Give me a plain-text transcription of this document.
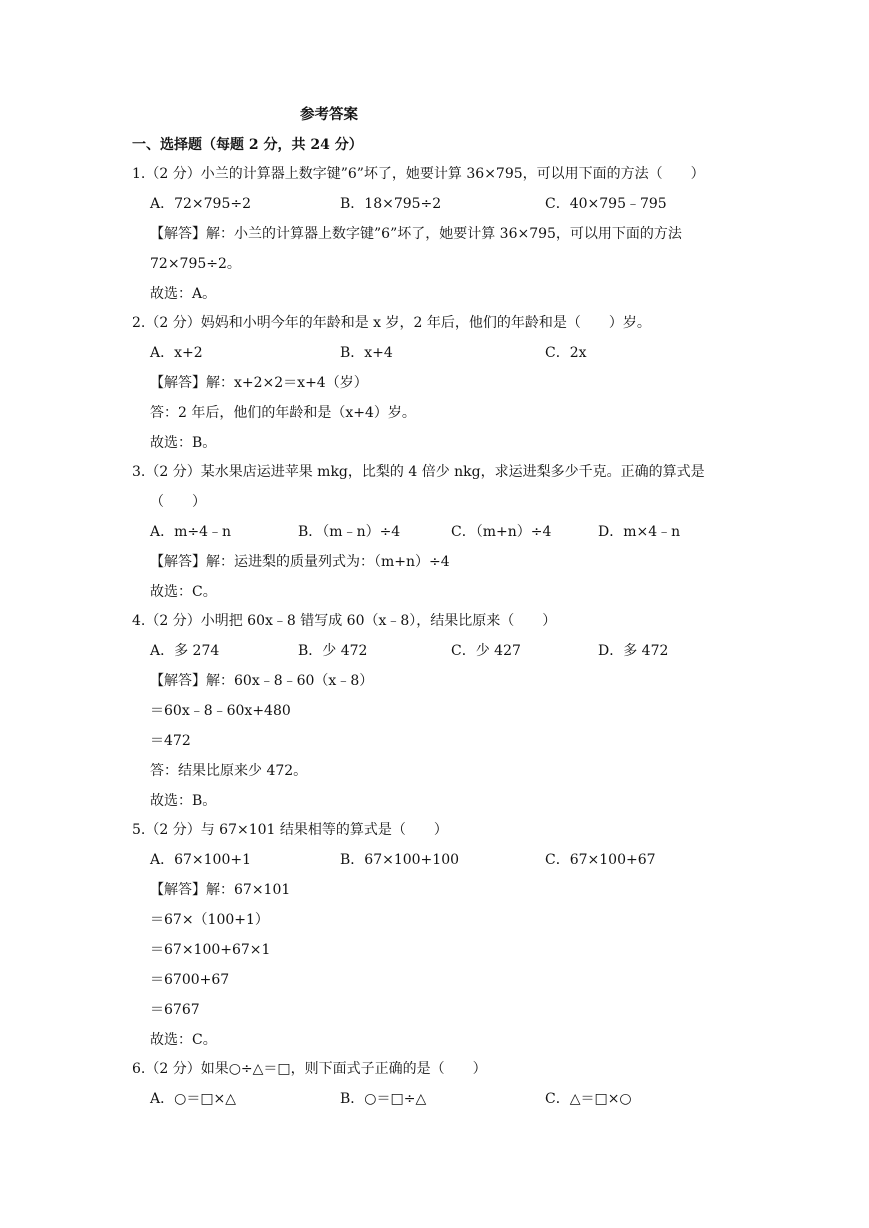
参考答案
一、选择题（每题 2 分，共 24 分）
1.（2 分）小兰的计算器上数字键”6”坏了，她要计算 36×795，可以用下面的方法（　　）
A．72×795÷2	B．18×795÷2	C．40×795﹣795
【解答】解：小兰的计算器上数字键”6”坏了，她要计算 36×795，可以用下面的方法
72×795÷2。
故选：A。
2.（2 分）妈妈和小明今年的年龄和是 x 岁，2 年后，他们的年龄和是（　　）岁。
A．x+2	B．x+4	C．2x
【解答】解：x+2×2＝x+4（岁）
答：2 年后，他们的年龄和是（x+4）岁。
故选：B。
3.（2 分）某水果店运进苹果 mkg，比梨的 4 倍少 nkg，求运进梨多少千克。正确的算式是
（　　）
A．m÷4﹣n	B．（m﹣n）÷4	C．（m+n）÷4	D．m×4﹣n
【解答】解：运进梨的质量列式为：（m+n）÷4
故选：C。
4.（2 分）小明把 60x﹣8 错写成 60（x﹣8），结果比原来（　　）
A．多 274	B．少 472	C．少 427	D．多 472
【解答】解：60x﹣8﹣60（x﹣8）
＝60x﹣8﹣60x+480
＝472
答：结果比原来少 472。
故选：B。
5.（2 分）与 67×101 结果相等的算式是（　　）
A．67×100+1	B．67×100+100	C．67×100+67
【解答】解：67×101
＝67×（100+1）
＝67×100+67×1
＝6700+67
＝6767
故选：C。
6.（2 分）如果○÷△＝□，则下面式子正确的是（　　）
A．○＝□×△	B．○＝□÷△	C．△＝□×○
